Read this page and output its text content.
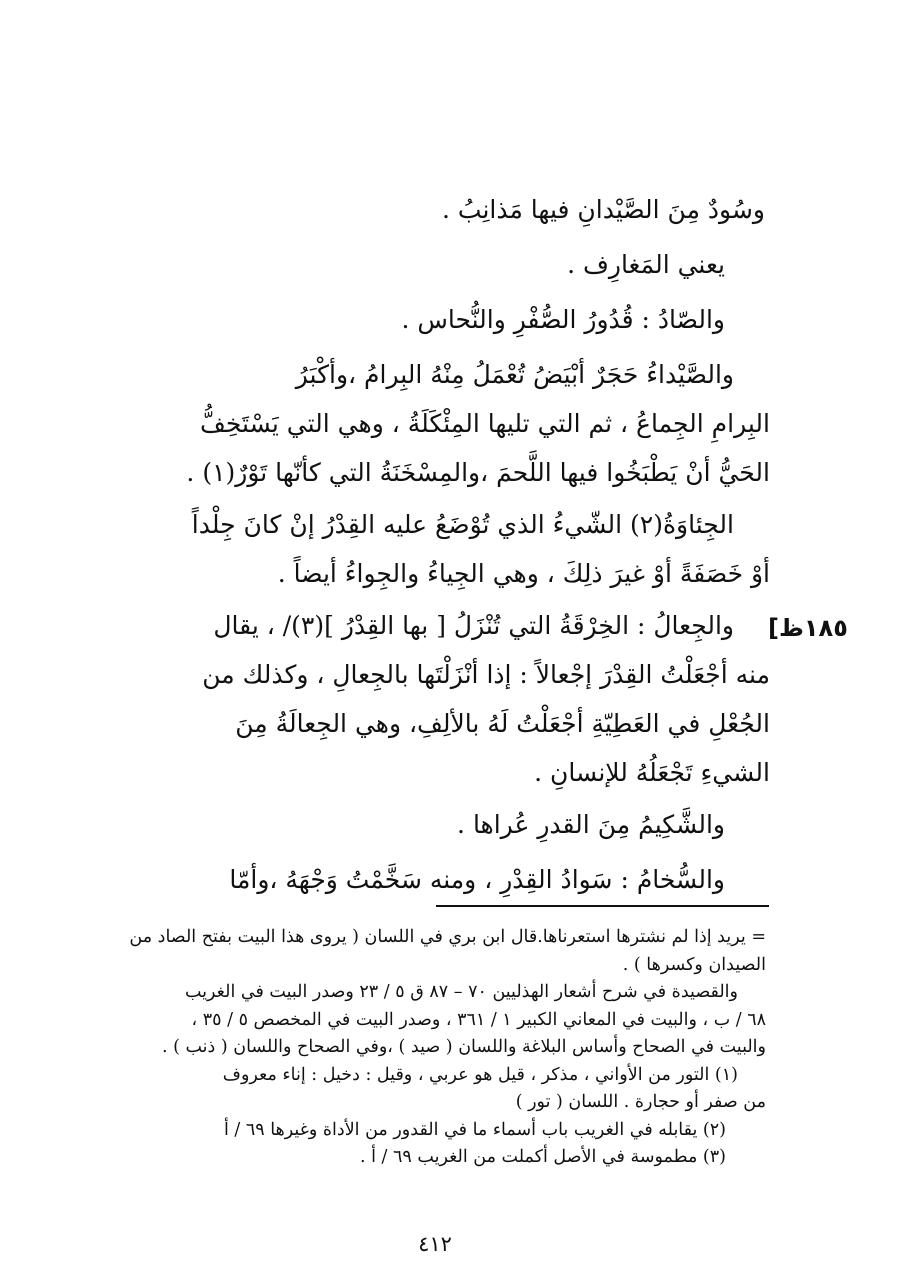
وسُودٌ مِنَ الصَّيْدانِ فيها مَذانِبُ .
يعني المَغارِف .
والصّادُ : قُدُورُ الصُّفْرِ والنُّحاس .
والصَّيْداءُ حَجَرٌ أبْيَضُ تُعْمَلُ مِنْهُ البِرامُ ،وأكْبَرُ
البِرامِ الجِماعُ ، ثم التي تليها المِئْكَلَةُ ، وهي التي يَسْتَخِفُّ
الحَيُّ أنْ يَطْبَخُوا فيها اللَّحمَ ،والمِسْخَنَةُ التي كأنّها تَوْرٌ(١) .
الجِئاوَةُ(٢) الشّيءُ الذي تُوْضَعُ عليه القِدْرُ إنْ كانَ جِلْداً
أوْ خَصَفَةً أوْ غيرَ ذلِكَ ، وهي الجِياءُ والجِواءُ أيضاً .
والجِعالُ : الخِرْقَةُ التي تُنْزَلُ [ بها القِدْرُ ](٣)/ ، يقال
منه أجْعَلْتُ القِدْرَ إجْعالاً : إذا أنْزَلْتَها بالجِعالِ ، وكذلك من
الجُعْلِ في العَطِيّةِ أجْعَلْتُ لَهُ بالألِفِ، وهي الجِعالَةُ مِنَ
الشيءِ تَجْعَلُهُ للإنسانِ .
والشَّكِيمُ مِنَ القدرِ عُراها .
والسُّخامُ : سَوادُ القِدْرِ ، ومنه سَخَّمْتُ وَجْهَهُ ،وأمّا
[١٨٥ظ

= يريد إذا لم نشترها استعرناها.قال ابن بري في اللسان ( يروى هذا البيت بفتح الصاد من

الصيدان وكسرها ) .

والقصيدة في شرح أشعار الهذليين ٧٠ – ٨٧ ق ٥ / ٢٣ وصدر البيت في الغريب

٦٨ / ب ، والبيت في المعاني الكبير ١ / ٣٦١ ، وصدر البيت في المخصص ٥ / ٣٥ ،

والبيت في الصحاح وأساس البلاغة واللسان ( صيد ) ،وفي الصحاح واللسان ( ذنب ) .

(١) التور من الأواني ، مذكر ، قيل هو عربي ، وقيل : دخيل : إناء معروف

من صفر أو حجارة . اللسان ( تور )

(٢) يقابله في الغريب باب أسماء ما في القدور من الأداة وغيرها ٦٩ / أ

(٣) مطموسة في الأصل أكملت من الغريب ٦٩ / أ .

٤١٢
